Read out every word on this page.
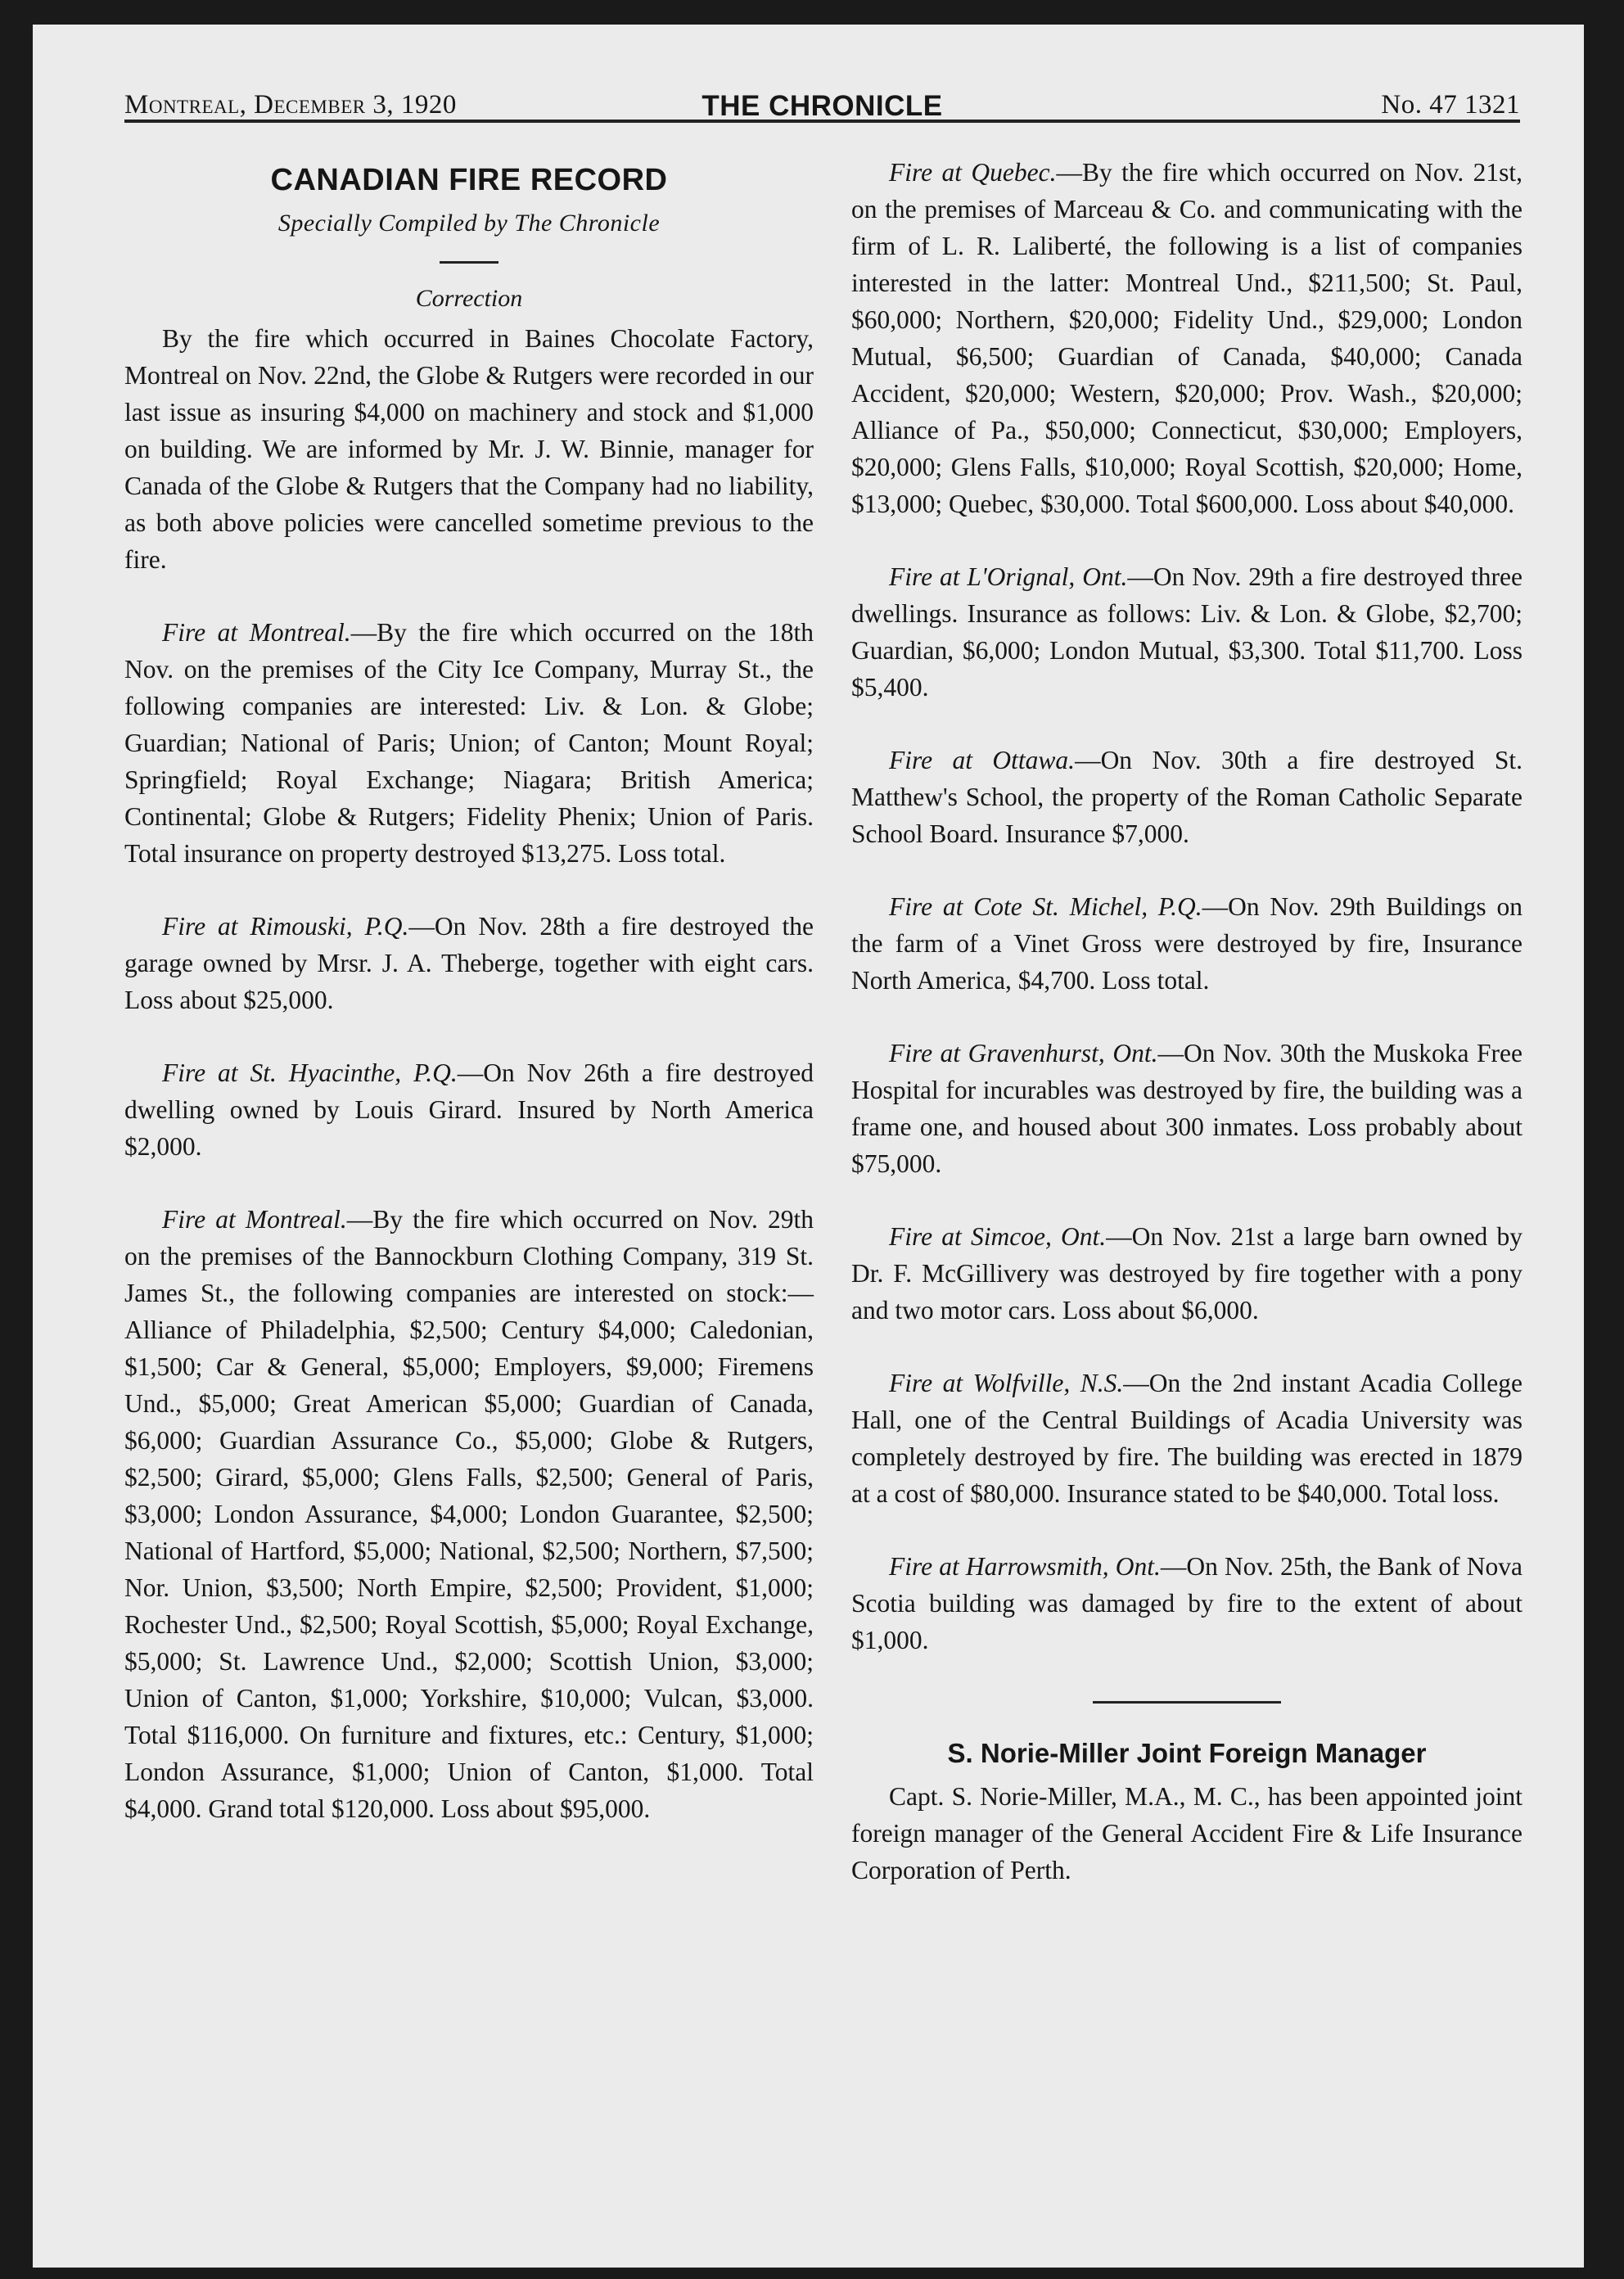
Montreal, December 3, 1920	THE CHRONICLE	No. 47 1321
CANADIAN FIRE RECORD
Specially Compiled by The Chronicle
Correction

By the fire which occurred in Baines Chocolate Factory, Montreal on Nov. 22nd, the Globe & Rutgers were recorded in our last issue as insuring $4,000 on machinery and stock and $1,000 on building. We are informed by Mr. J. W. Binnie, manager for Canada of the Globe & Rutgers that the Company had no liability, as both above policies were cancelled sometime previous to the fire.

Fire at Montreal.—By the fire which occurred on the 18th Nov. on the premises of the City Ice Company, Murray St., the following companies are interested: Liv. & Lon. & Globe; Guardian; National of Paris; Union; of Canton; Mount Royal; Springfield; Royal Exchange; Niagara; British America; Continental; Globe & Rutgers; Fidelity Phenix; Union of Paris. Total insurance on property destroyed $13,275. Loss total.

Fire at Rimouski, P.Q.—On Nov. 28th a fire destroyed the garage owned by Mrsr. J. A. Theberge, together with eight cars. Loss about $25,000.

Fire at St. Hyacinthe, P.Q.—On Nov 26th a fire destroyed dwelling owned by Louis Girard. Insured by North America $2,000.

Fire at Montreal.—By the fire which occurred on Nov. 29th on the premises of the Bannockburn Clothing Company, 319 St. James St., the following companies are interested on stock:— Alliance of Philadelphia, $2,500; Century $4,000; Caledonian, $1,500; Car & General, $5,000; Employers, $9,000; Firemens Und., $5,000; Great American $5,000; Guardian of Canada, $6,000; Guardian Assurance Co., $5,000; Globe & Rutgers, $2,500; Girard, $5,000; Glens Falls, $2,500; General of Paris, $3,000; London Assurance, $4,000; London Guarantee, $2,500; National of Hartford, $5,000; National, $2,500; Northern, $7,500; Nor. Union, $3,500; North Empire, $2,500; Provident, $1,000; Rochester Und., $2,500; Royal Scottish, $5,000; Royal Exchange, $5,000; St. Lawrence Und., $2,000; Scottish Union, $3,000; Union of Canton, $1,000; Yorkshire, $10,000; Vulcan, $3,000. Total $116,000. On furniture and fixtures, etc.: Century, $1,000; London Assurance, $1,000; Union of Canton, $1,000. Total $4,000. Grand total $120,000. Loss about $95,000.

Fire at Quebec.—By the fire which occurred on Nov. 21st, on the premises of Marceau & Co. and communicating with the firm of L. R. Laliberté, the following is a list of companies interested in the latter: Montreal Und., $211,500; St. Paul, $60,000; Northern, $20,000; Fidelity Und., $29,000; London Mutual, $6,500; Guardian of Canada, $40,000; Canada Accident, $20,000; Western, $20,000; Prov. Wash., $20,000; Alliance of Pa., $50,000; Connecticut, $30,000; Employers, $20,000; Glens Falls, $10,000; Royal Scottish, $20,000; Home, $13,000; Quebec, $30,000. Total $600,000. Loss about $40,000.

Fire at L'Orignal, Ont.—On Nov. 29th a fire destroyed three dwellings. Insurance as follows: Liv. & Lon. & Globe, $2,700; Guardian, $6,000; London Mutual, $3,300. Total $11,700. Loss $5,400.

Fire at Ottawa.—On Nov. 30th a fire destroyed St. Matthew's School, the property of the Roman Catholic Separate School Board. Insurance $7,000.

Fire at Cote St. Michel, P.Q.—On Nov. 29th Buildings on the farm of a Vinet Gross were destroyed by fire, Insurance North America, $4,700. Loss total.

Fire at Gravenhurst, Ont.—On Nov. 30th the Muskoka Free Hospital for incurables was destroyed by fire, the building was a frame one, and housed about 300 inmates. Loss probably about $75,000.

Fire at Simcoe, Ont.—On Nov. 21st a large barn owned by Dr. F. McGillivery was destroyed by fire together with a pony and two motor cars. Loss about $6,000.

Fire at Wolfville, N.S.—On the 2nd instant Acadia College Hall, one of the Central Buildings of Acadia University was completely destroyed by fire. The building was erected in 1879 at a cost of $80,000. Insurance stated to be $40,000. Total loss.

Fire at Harrowsmith, Ont.—On Nov. 25th, the Bank of Nova Scotia building was damaged by fire to the extent of about $1,000.

S. Norie-Miller Joint Foreign Manager

Capt. S. Norie-Miller, M.A., M. C., has been appointed joint foreign manager of the General Accident Fire & Life Insurance Corporation of Perth.
